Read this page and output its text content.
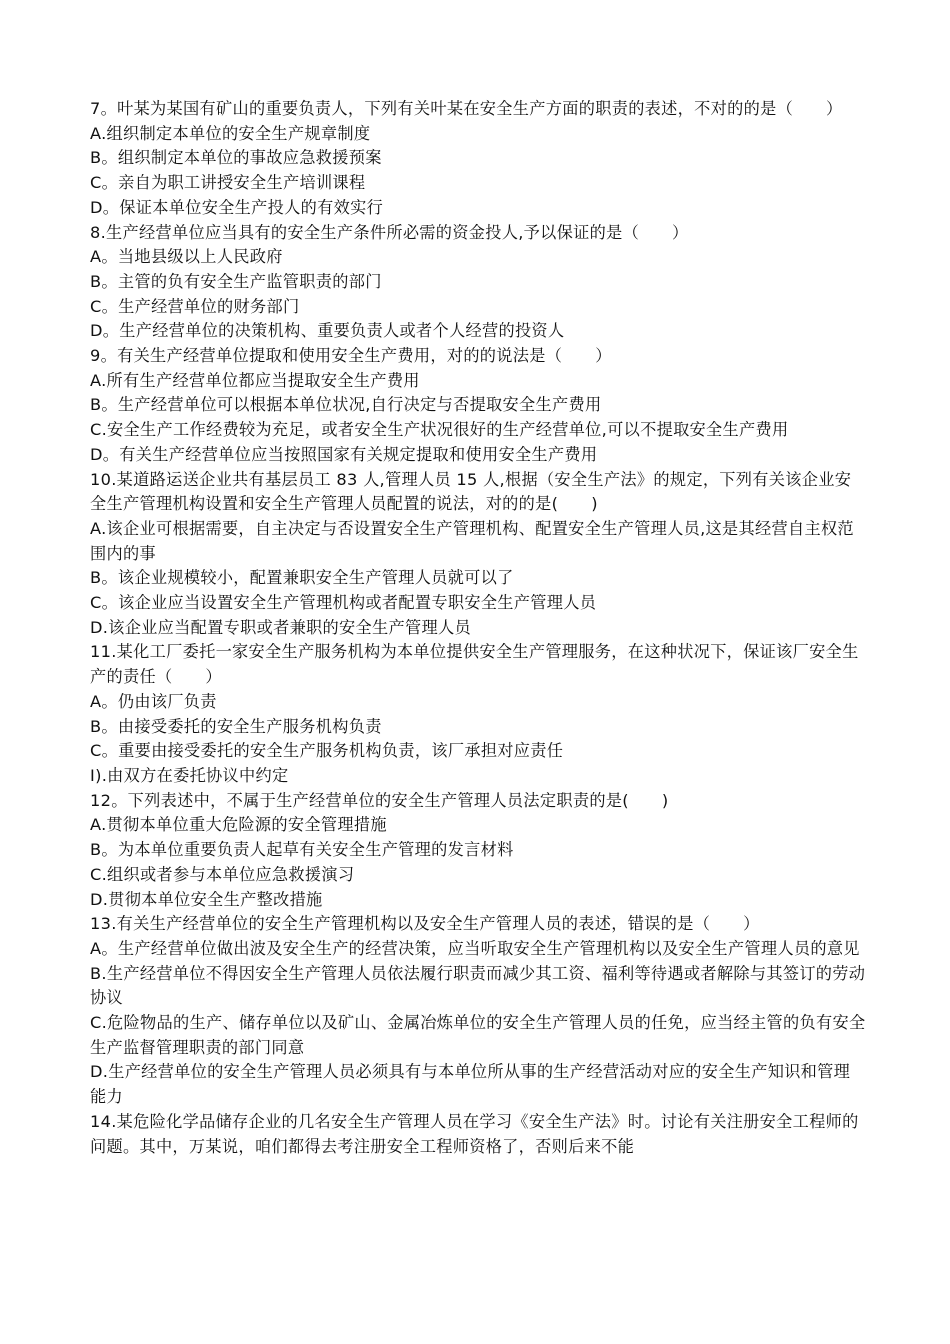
7。叶某为某国有矿山的重要负责人，下列有关叶某在安全生产方面的职责的表述，不对的的是（　　）

A.组织制定本单位的安全生产规章制度

B。组织制定本单位的事故应急救援预案

C。亲自为职工讲授安全生产培训课程

D。保证本单位安全生产投人的有效实行

8.生产经营单位应当具有的安全生产条件所必需的资金投人,予以保证的是（　　）

A。当地县级以上人民政府

B。主管的负有安全生产监管职责的部门

C。生产经营单位的财务部门

D。生产经营单位的决策机构、重要负责人或者个人经营的投资人

9。有关生产经营单位提取和使用安全生产费用，对的的说法是（　　）

A.所有生产经营单位都应当提取安全生产费用

B。生产经营单位可以根据本单位状况,自行决定与否提取安全生产费用

C.安全生产工作经费较为充足，或者安全生产状况很好的生产经营单位,可以不提取安全生产费用

D。有关生产经营单位应当按照国家有关规定提取和使用安全生产费用

10.某道路运送企业共有基层员工 83 人,管理人员 15 人,根据（安全生产法》的规定，下列有关该企业安全生产管理机构设置和安全生产管理人员配置的说法，对的的是(　　)

A.该企业可根据需要，自主决定与否设置安全生产管理机构、配置安全生产管理人员,这是其经营自主权范围内的事

B。该企业规模较小，配置兼职安全生产管理人员就可以了

C。该企业应当设置安全生产管理机构或者配置专职安全生产管理人员

D.该企业应当配置专职或者兼职的安全生产管理人员

11.某化工厂委托一家安全生产服务机构为本单位提供安全生产管理服务，在这种状况下，保证该厂安全生产的责任（　　）

A。仍由该厂负责

B。由接受委托的安全生产服务机构负责

C。重要由接受委托的安全生产服务机构负责，该厂承担对应责任

I).由双方在委托协议中约定

12。下列表述中，不属于生产经营单位的安全生产管理人员法定职责的是(　　)

A.贯彻本单位重大危险源的安全管理措施

B。为本单位重要负责人起草有关安全生产管理的发言材料

C.组织或者参与本单位应急救援演习

D.贯彻本单位安全生产整改措施

13.有关生产经营单位的安全生产管理机构以及安全生产管理人员的表述，错误的是（　　）

A。生产经营单位做出波及安全生产的经营决策，应当听取安全生产管理机构以及安全生产管理人员的意见

B.生产经营单位不得因安全生产管理人员依法履行职责而减少其工资、福利等待遇或者解除与其签订的劳动协议

C.危险物品的生产、储存单位以及矿山、金属冶炼单位的安全生产管理人员的任免，应当经主管的负有安全生产监督管理职责的部门同意

D.生产经营单位的安全生产管理人员必须具有与本单位所从事的生产经营活动对应的安全生产知识和管理能力

14.某危险化学品储存企业的几名安全生产管理人员在学习《安全生产法》时。讨论有关注册安全工程师的问题。其中，万某说，咱们都得去考注册安全工程师资格了，否则后来不能
